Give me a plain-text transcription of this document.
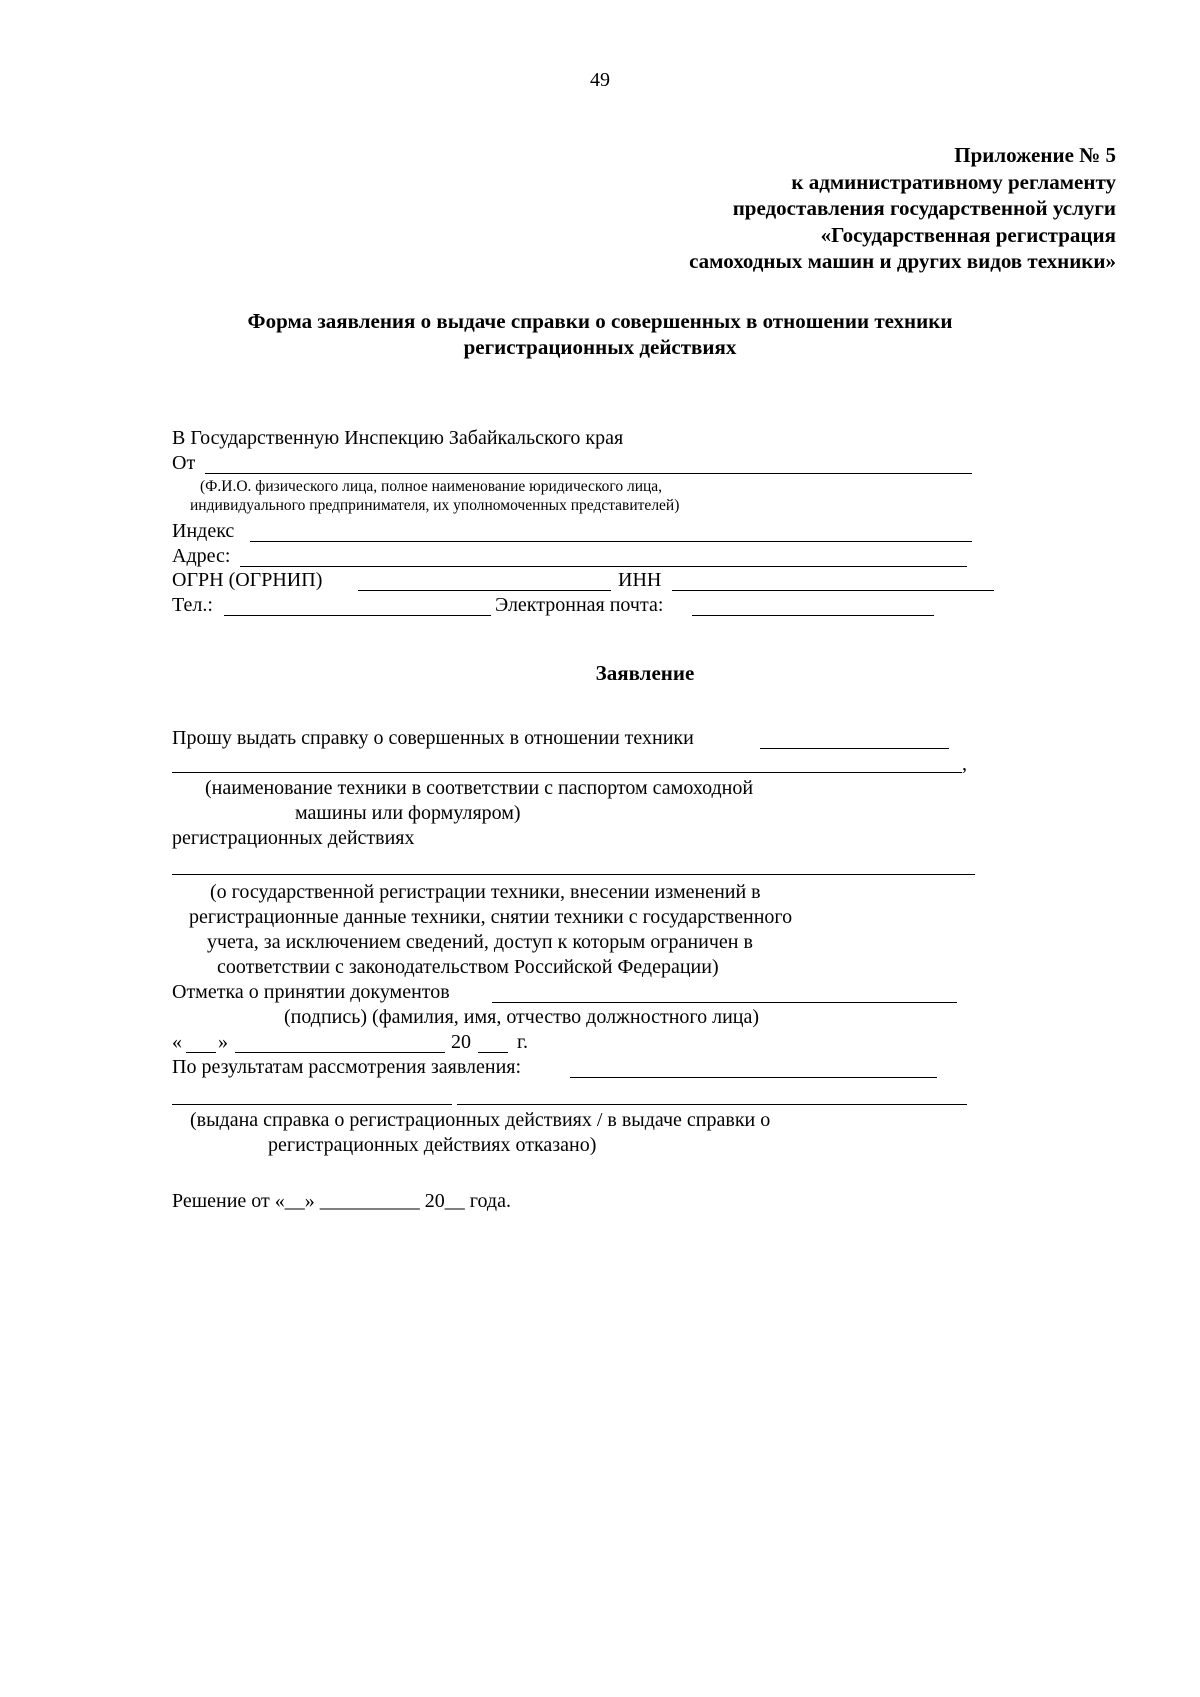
49
Приложение № 5
к административному регламенту
предоставления государственной услуги
«Государственная регистрация
самоходных машин и других видов техники»
Форма заявления о выдаче справки о совершенных в отношении техники
регистрационных действиях
В Государственную Инспекцию Забайкальского края
От
(Ф.И.О. физического лица, полное наименование юридического лица,
индивидуального предпринимателя, их уполномоченных представителей)
Индекс
Адрес:
ОГРН (ОГРНИП)	ИНН
Тел.:	Электронная почта:
Заявление
Прошу выдать справку о совершенных в отношении техники
,
(наименование техники в соответствии с паспортом самоходной
машины или формуляром)
регистрационных действиях
(о государственной регистрации техники, внесении изменений в
регистрационные данные техники, снятии техники с государственного
учета, за исключением сведений, доступ к которым ограничен в
соответствии с законодательством Российской Федерации)
Отметка о принятии документов
(подпись) (фамилия, имя, отчество должностного лица)
« »	20 г.
По результатам рассмотрения заявления:
(выдана справка о регистрационных действиях / в выдаче справки о
регистрационных действиях отказано)
Решение от «__» __________ 20__ года.
